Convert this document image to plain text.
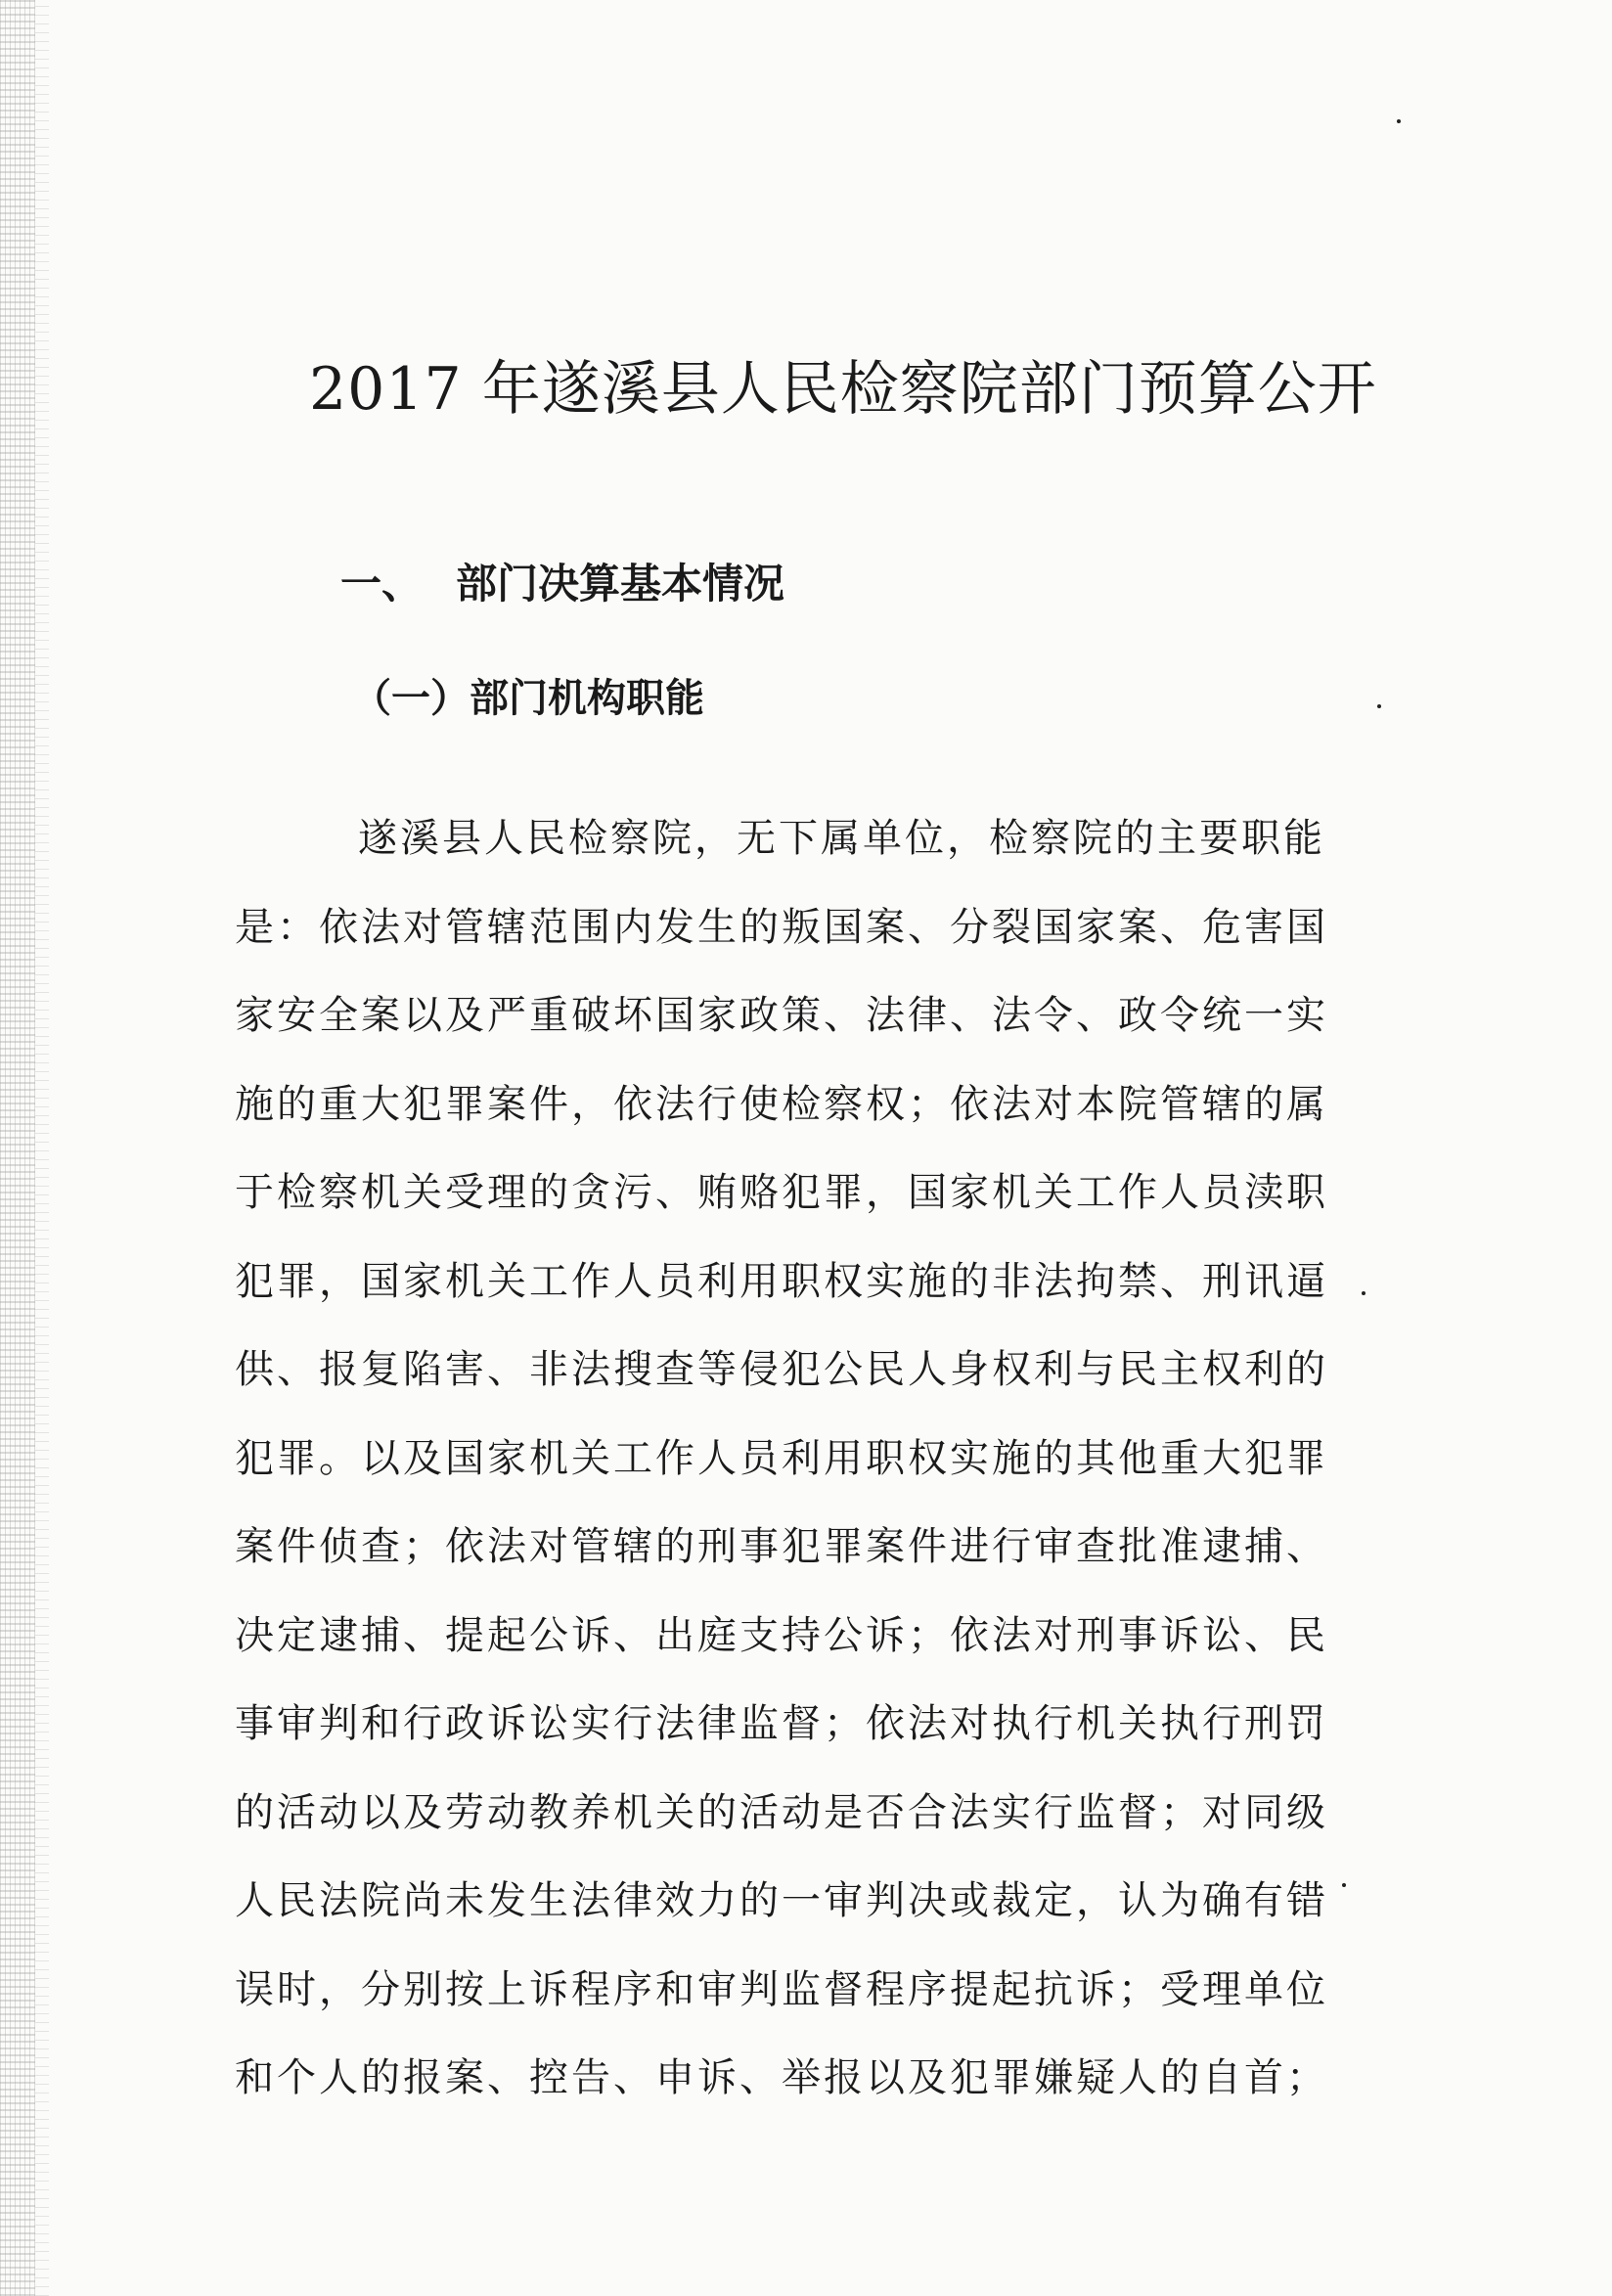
2017 年遂溪县人民检察院部门预算公开
一、 部门决算基本情况
（一）部门机构职能
遂溪县人民检察院，无下属单位，检察院的主要职能
是：依法对管辖范围内发生的叛国案、分裂国家案、危害国
家安全案以及严重破坏国家政策、法律、法令、政令统一实
施的重大犯罪案件，依法行使检察权；依法对本院管辖的属
于检察机关受理的贪污、贿赂犯罪，国家机关工作人员渎职
犯罪，国家机关工作人员利用职权实施的非法拘禁、刑讯逼
供、报复陷害、非法搜查等侵犯公民人身权利与民主权利的
犯罪。以及国家机关工作人员利用职权实施的其他重大犯罪
案件侦查；依法对管辖的刑事犯罪案件进行审查批准逮捕、
决定逮捕、提起公诉、出庭支持公诉；依法对刑事诉讼、民
事审判和行政诉讼实行法律监督；依法对执行机关执行刑罚
的活动以及劳动教养机关的活动是否合法实行监督；对同级
人民法院尚未发生法律效力的一审判决或裁定，认为确有错
误时，分别按上诉程序和审判监督程序提起抗诉；受理单位
和个人的报案、控告、申诉、举报以及犯罪嫌疑人的自首；
